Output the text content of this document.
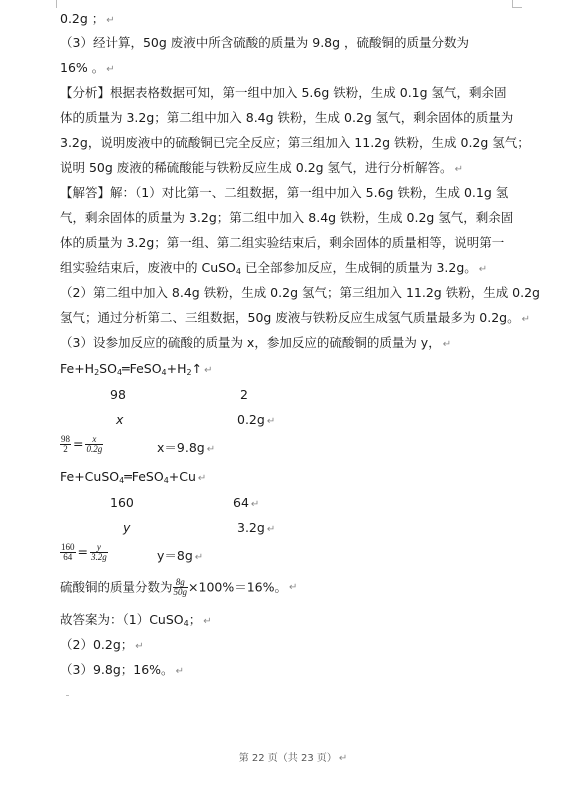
0.2g ； ↵
（3）经计算，50g 废液中所含硫酸的质量为 9.8g ，硫酸铜的质量分数为
16% 。 ↵
【分析】根据表格数据可知，第一组中加入 5.6g 铁粉，生成 0.1g 氢气，剩余固
体的质量为 3.2g；第二组中加入 8.4g 铁粉，生成 0.2g 氢气，剩余固体的质量为
3.2g，说明废液中的硫酸铜已完全反应；第三组加入 11.2g 铁粉，生成 0.2g 氢气；
说明 50g 废液的稀硫酸能与铁粉反应生成 0.2g 氢气，进行分析解答。 ↵
【解答】解：（1）对比第一、二组数据，第一组中加入 5.6g 铁粉，生成 0.1g 氢
气，剩余固体的质量为 3.2g；第二组中加入 8.4g 铁粉，生成 0.2g 氢气，剩余固
体的质量为 3.2g；第一组、第二组实验结束后，剩余固体的质量相等，说明第一
组实验结束后，废液中的 CuSO$_4$ 已全部参加反应，生成铜的质量为 3.2g。 ↵
（2）第二组中加入 8.4g 铁粉，生成 0.2g 氢气；第三组加入 11.2g 铁粉，生成 0.2g
氢气；通过分析第二、三组数据，50g 废液与铁粉反应生成氢气质量最多为 0.2g。 ↵
（3）设参加反应的硫酸的质量为 x，参加反应的硫酸铜的质量为 y， ↵
$Fe+H_2SO_4═FeSO_4+H_2↑$ ↵
98	2
x	0.2g ↵
$\frac{98}{2} = \frac{x}{0.2g}$	x＝9.8g ↵
Fe+CuSO$_4$═FeSO$_4$+Cu ↵
160	64 ↵
y	3.2g ↵
$\frac{160}{64} = \frac{y}{3.2g}$	y＝8g ↵
硫酸铜的质量分数为 $\frac{8g}{50g} \times 100\%=16\%$。 ↵
故答案为：（1）CuSO$_4$； ↵
（2）0.2g； ↵
（3）9.8g；16%。 ↵
第 22 页（共 23 页） ↵
